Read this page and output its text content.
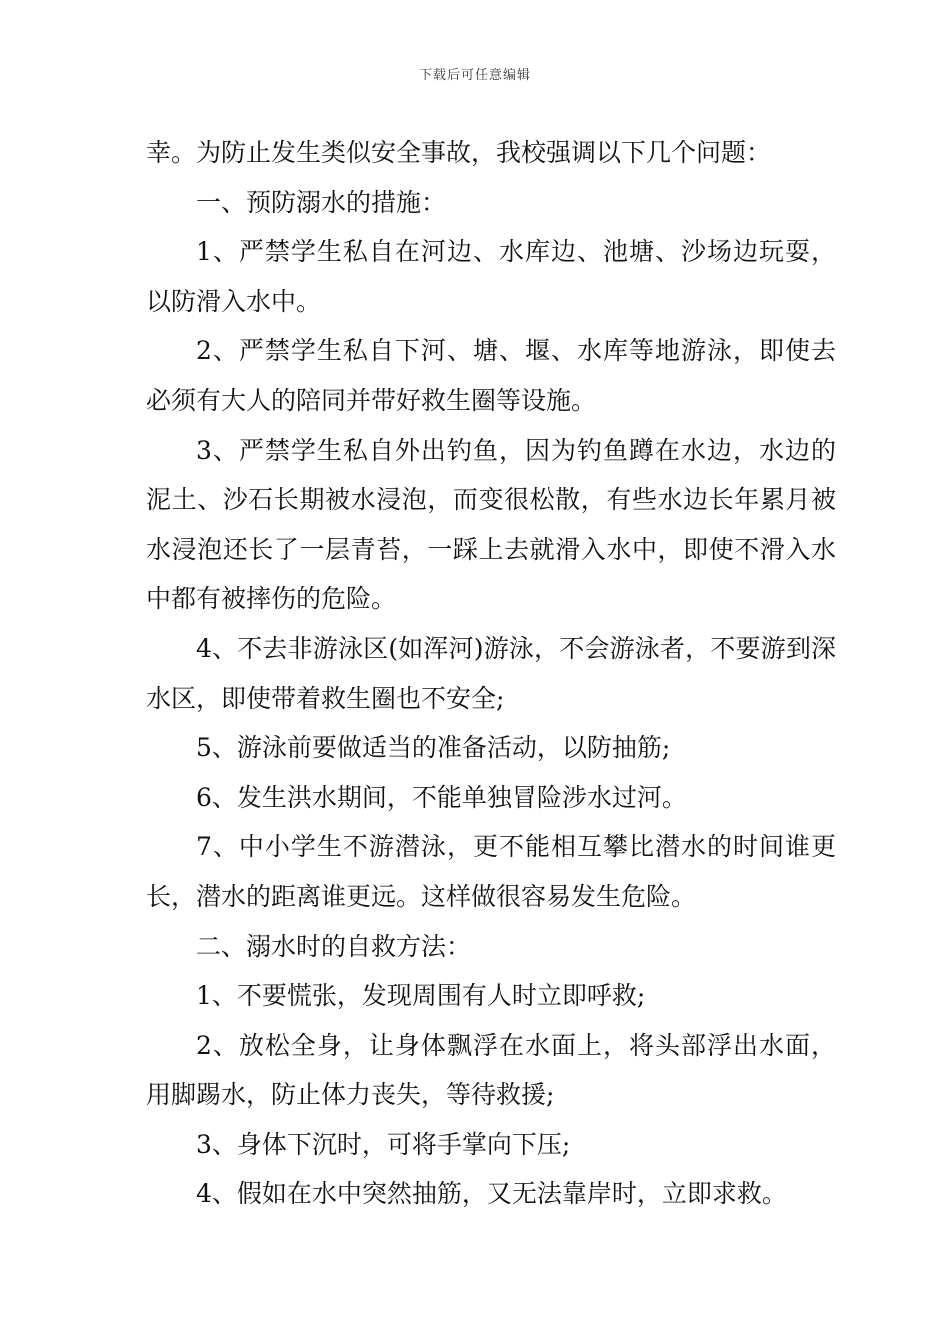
下载后可任意编辑

幸。为防止发生类似安全事故，我校强调以下几个问题：

一、预防溺水的措施：

1、严禁学生私自在河边、水库边、池塘、沙场边玩耍，以防滑入水中。

2、严禁学生私自下河、塘、堰、水库等地游泳，即使去必须有大人的陪同并带好救生圈等设施。

3、严禁学生私自外出钓鱼，因为钓鱼蹲在水边，水边的泥土、沙石长期被水浸泡，而变很松散，有些水边长年累月被水浸泡还长了一层青苔，一踩上去就滑入水中，即使不滑入水中都有被摔伤的危险。

4、不去非游泳区(如浑河)游泳，不会游泳者，不要游到深水区，即使带着救生圈也不安全;

5、游泳前要做适当的准备活动，以防抽筋;

6、发生洪水期间，不能单独冒险涉水过河。

7、中小学生不游潜泳，更不能相互攀比潜水的时间谁更长，潜水的距离谁更远。这样做很容易发生危险。

二、溺水时的自救方法：

1、不要慌张，发现周围有人时立即呼救;

2、放松全身，让身体飘浮在水面上，将头部浮出水面，用脚踢水，防止体力丧失，等待救援;

3、身体下沉时，可将手掌向下压;

4、假如在水中突然抽筋，又无法靠岸时，立即求救。
